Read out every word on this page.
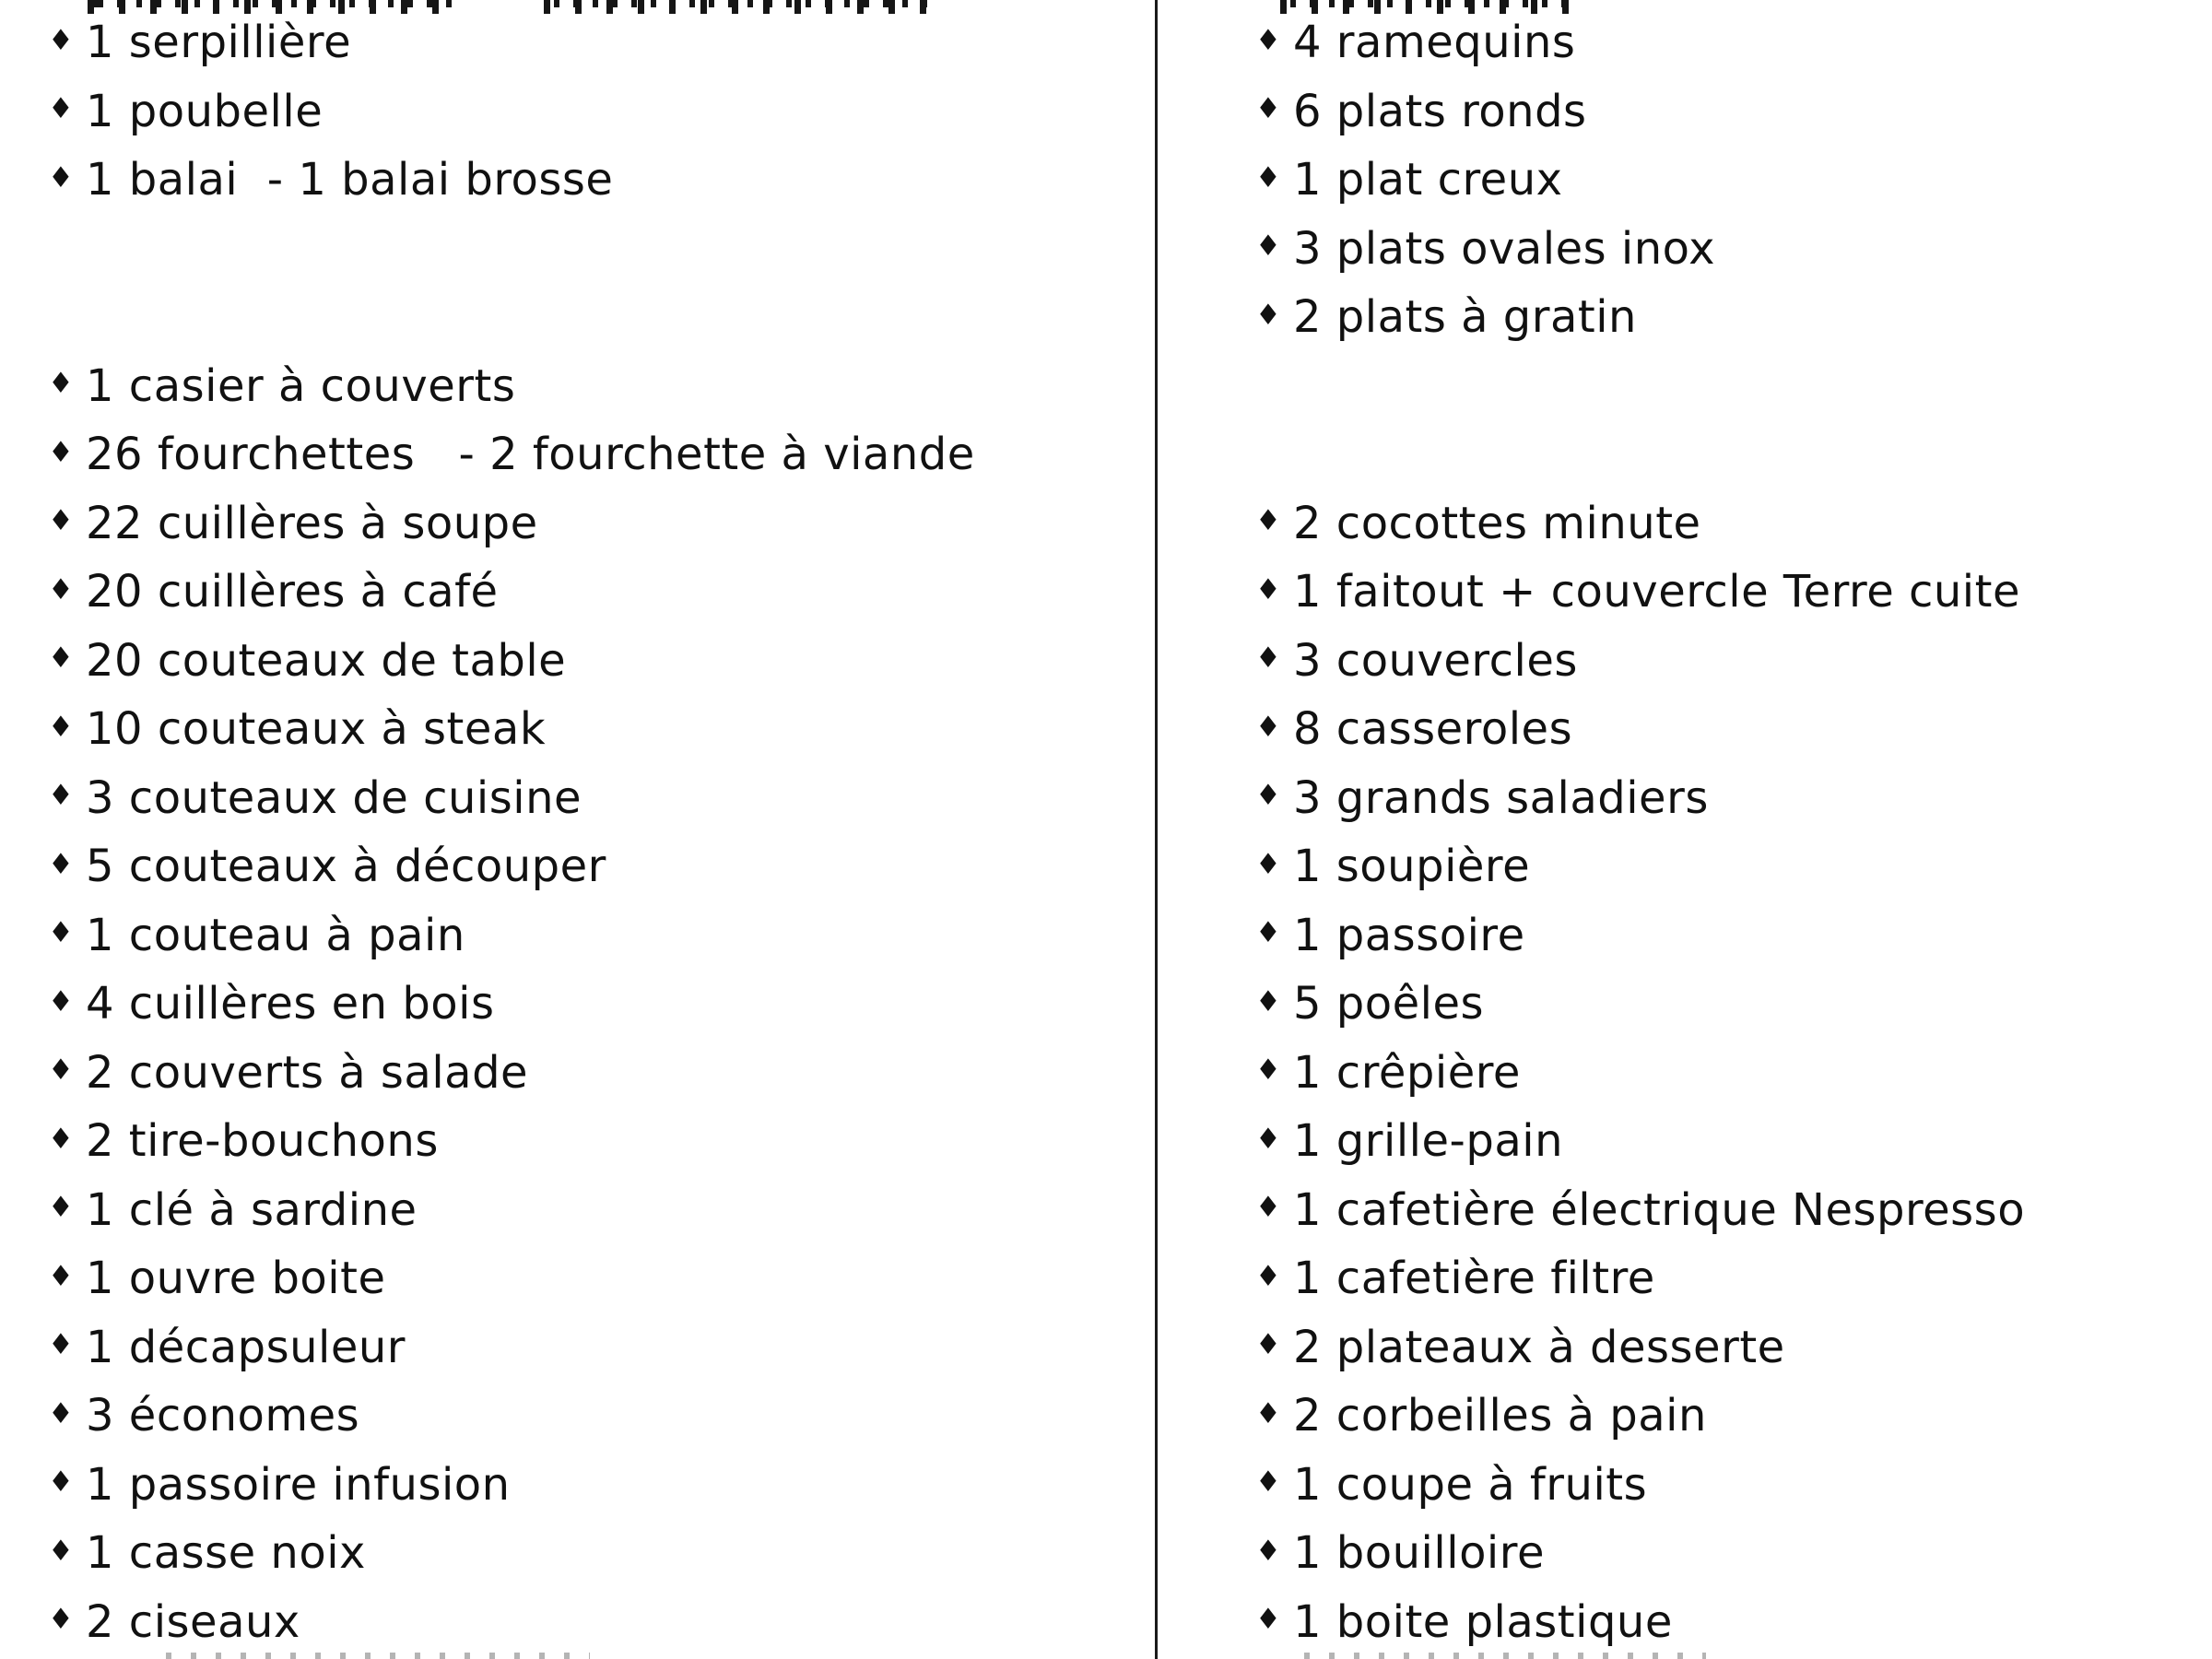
♦ 1 serpillière
♦ 1 poubelle
♦ 1 balai  - 1 balai brosse
♦ 1 casier à couverts
♦ 26 fourchettes   - 2 fourchette à viande
♦ 22 cuillères à soupe
♦ 20 cuillères à café
♦ 20 couteaux de table
♦ 10 couteaux à steak
♦ 3 couteaux de cuisine
♦ 5 couteaux à découper
♦ 1 couteau à pain
♦ 4 cuillères en bois
♦ 2 couverts à salade
♦ 2 tire-bouchons
♦ 1 clé à sardine
♦ 1 ouvre boite
♦ 1 décapsuleur
♦ 3 économes
♦ 1 passoire infusion
♦ 1 casse noix
♦ 2 ciseaux
♦ 4 ramequins
♦ 6 plats ronds
♦ 1 plat creux
♦ 3 plats ovales inox
♦ 2 plats à gratin
♦ 2 cocottes minute
♦ 1 faitout + couvercle Terre cuite
♦ 3 couvercles
♦ 8 casseroles
♦ 3 grands saladiers
♦ 1 soupière
♦ 1 passoire
♦ 5 poêles
♦ 1 crêpière
♦ 1 grille-pain
♦ 1 cafetière électrique Nespresso
♦ 1 cafetière filtre
♦ 2 plateaux à desserte
♦ 2 corbeilles à pain
♦ 1 coupe à fruits
♦ 1 bouilloire
♦ 1 boite plastique
